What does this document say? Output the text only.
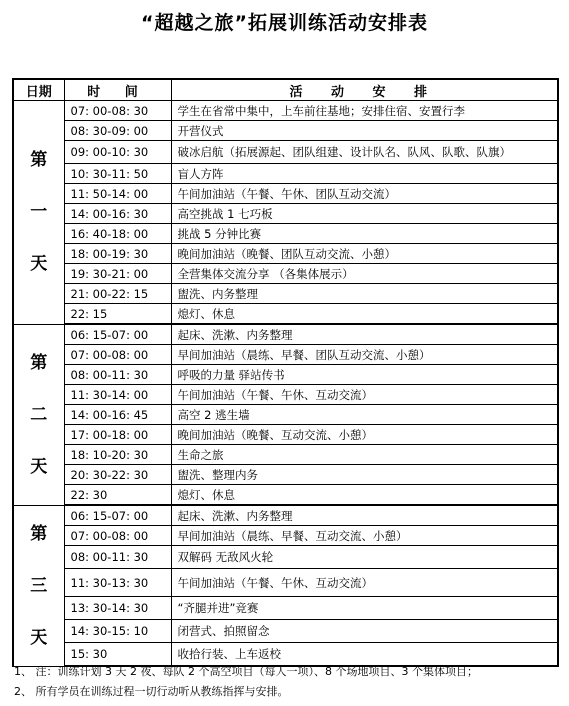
“超越之旅”拓展训练活动安排表
日期	时 间	活 动 安 排

第
一
天	07: 00-08: 30	学生在省常中集中，上车前往基地；安排住宿、安置行李
	08: 30-09: 00	开营仪式
	09: 00-10: 30	破冰启航（拓展源起、团队组建、设计队名、队风、队歌、队旗）
	10: 30-11: 50	盲人方阵
	11: 50-14: 00	午间加油站（午餐、午休、团队互动交流）
	14: 00-16: 30	高空挑战 1 七巧板
	16: 40-18: 00	挑战 5 分钟比赛
	18: 00-19: 30	晚间加油站（晚餐、团队互动交流、小憩）
	19: 30-21: 00	全营集体交流分享 （各集体展示）
	21: 00-22: 15	盥洗、内务整理
	22: 15	熄灯、休息

第
二
天	06: 15-07: 00	起床、洗漱、内务整理
	07: 00-08: 00	早间加油站（晨练、早餐、团队互动交流、小憩）
	08: 00-11: 30	呼吸的力量 驿站传书
	11: 30-14: 00	午间加油站（午餐、午休、互动交流）
	14: 00-16: 45	高空 2 逃生墙
	17: 00-18: 00	晚间加油站（晚餐、互动交流、小憩）
	18: 10-20: 30	生命之旅
	20: 30-22: 30	盥洗、整理内务
	22: 30	熄灯、休息

第
三
天	06: 15-07: 00	起床、洗漱、内务整理
	07: 00-08: 00	早间加油站（晨练、早餐、互动交流、小憩）
	08: 00-11: 30	双解码 无敌风火轮
	11: 30-13: 30	午间加油站（午餐、午休、互动交流）
	13: 30-14: 30	“齐腿并进”竞赛
	14: 30-15: 10	闭营式、拍照留念
	15: 30	收拾行装、上车返校
1、 注：训练计划 3 天 2 夜、每队 2 个高空项目（每人一项）、8 个场地项目、3 个集体项目；
2、 所有学员在训练过程一切行动听从教练指挥与安排。
